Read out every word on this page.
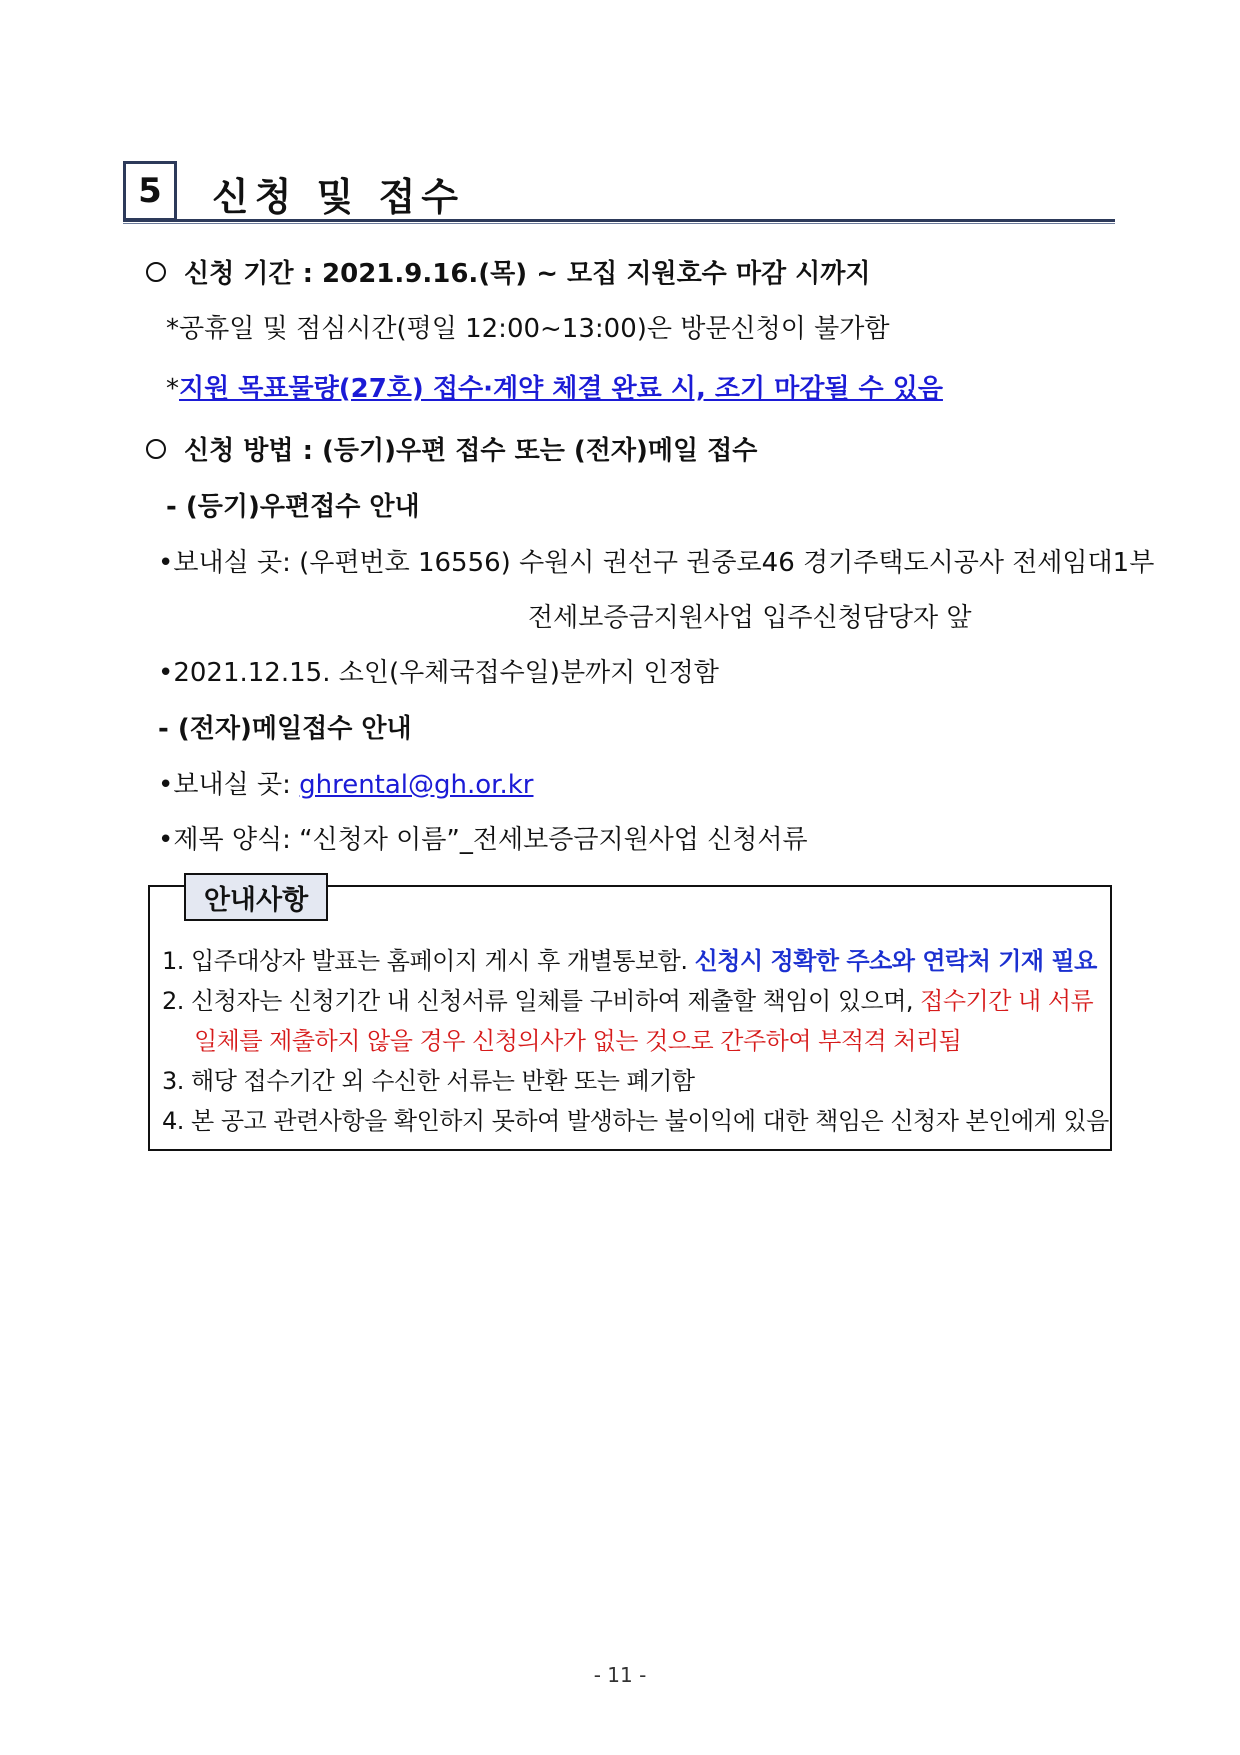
5 신청 및 접수
신청 기간 : 2021.9.16.(목) ~ 모집 지원호수 마감 시까지
*공휴일 및 점심시간(평일 12:00~13:00)은 방문신청이 불가함
*지원 목표물량(27호) 접수·계약 체결 완료 시, 조기 마감될 수 있음
신청 방법 : (등기)우편 접수 또는 (전자)메일 접수
- (등기)우편접수 안내
•보내실 곳: (우편번호 16556) 수원시 권선구 권중로46 경기주택도시공사 전세임대1부
전세보증금지원사업 입주신청담당자 앞
•2021.12.15. 소인(우체국접수일)분까지 인정함
- (전자)메일접수 안내
•보내실 곳: ghrental@gh.or.kr
•제목 양식: “신청자 이름”_전세보증금지원사업 신청서류
안내사항
1. 입주대상자 발표는 홈페이지 게시 후 개별통보함. 신청시 정확한 주소와 연락처 기재 필요
2. 신청자는 신청기간 내 신청서류 일체를 구비하여 제출할 책임이 있으며, 접수기간 내 서류
일체를 제출하지 않을 경우 신청의사가 없는 것으로 간주하여 부적격 처리됨
3. 해당 접수기간 외 수신한 서류는 반환 또는 폐기함
4. 본 공고 관련사항을 확인하지 못하여 발생하는 불이익에 대한 책임은 신청자 본인에게 있음
- 11 -
